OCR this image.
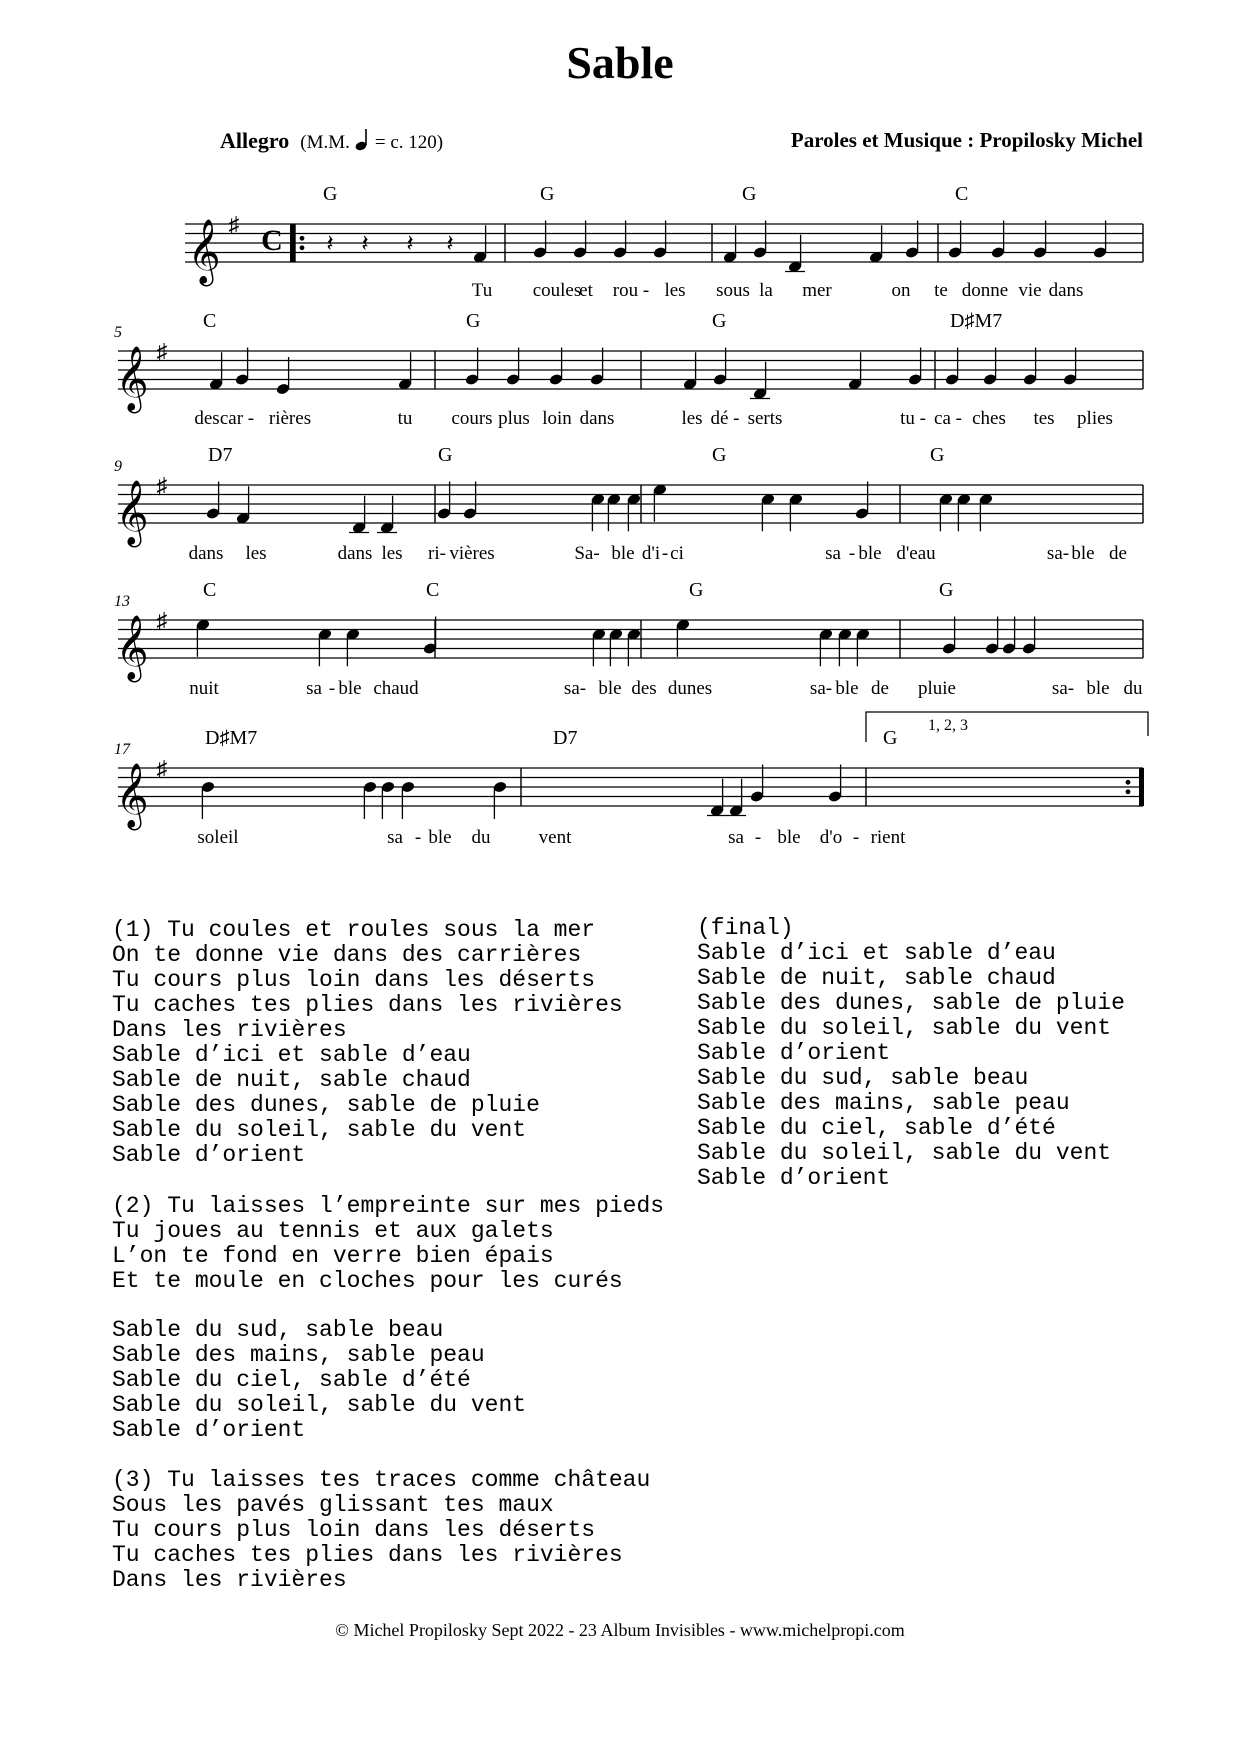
Sable
Allegro (M.M. = c. 120)	Paroles et Musique : Propilosky Michel
𝄞 ♯ C
G	G	G	C
Tu coules
et rou - les sous la mer	on te donne vie dans
𝄞 ♯
5
C	G	G	D♯M7
des car - rières	tu cours plus loin dans	les dé - serts	tu - ca - ches tes plies
𝄞 ♯
9
D7	G	G	G
dans les	dans les ri- vières	Sa- ble d'i - ci	sa - ble d'eau	sa- ble de
𝄞 ♯
13
C	C	G	G
nuit	sa - ble chaud	sa- ble des dunes	sa- ble de pluie	sa- ble du
𝄞 ♯
17
1, 2, 3
D♯M7	D7	G
soleil	sa - ble du	vent	sa - ble d'o - rient
𝄽 𝄽 𝄽 𝄽
(1) Tu coules et roules sous la mer
On te donne vie dans des carrières
Tu cours plus loin dans les déserts
Tu caches tes plies dans les rivières
Dans les rivières
Sable d’ici et sable d’eau
Sable de nuit, sable chaud
Sable des dunes, sable de pluie
Sable du soleil, sable du vent
Sable d’orient
(2) Tu laisses l’empreinte sur mes pieds
Tu joues au tennis et aux galets
L’on te fond en verre bien épais
Et te moule en cloches pour les curés
Sable du sud, sable beau
Sable des mains, sable peau
Sable du ciel, sable d’été
Sable du soleil, sable du vent
Sable d’orient
(3) Tu laisses tes traces comme château
Sous les pavés glissant tes maux
Tu cours plus loin dans les déserts
Tu caches tes plies dans les rivières
Dans les rivières
(final)
Sable d’ici et sable d’eau
Sable de nuit, sable chaud
Sable des dunes, sable de pluie
Sable du soleil, sable du vent
Sable d’orient
Sable du sud, sable beau
Sable des mains, sable peau
Sable du ciel, sable d’été
Sable du soleil, sable du vent
Sable d’orient
© Michel Propilosky Sept 2022 - 23 Album Invisibles - www.michelpropi.com
